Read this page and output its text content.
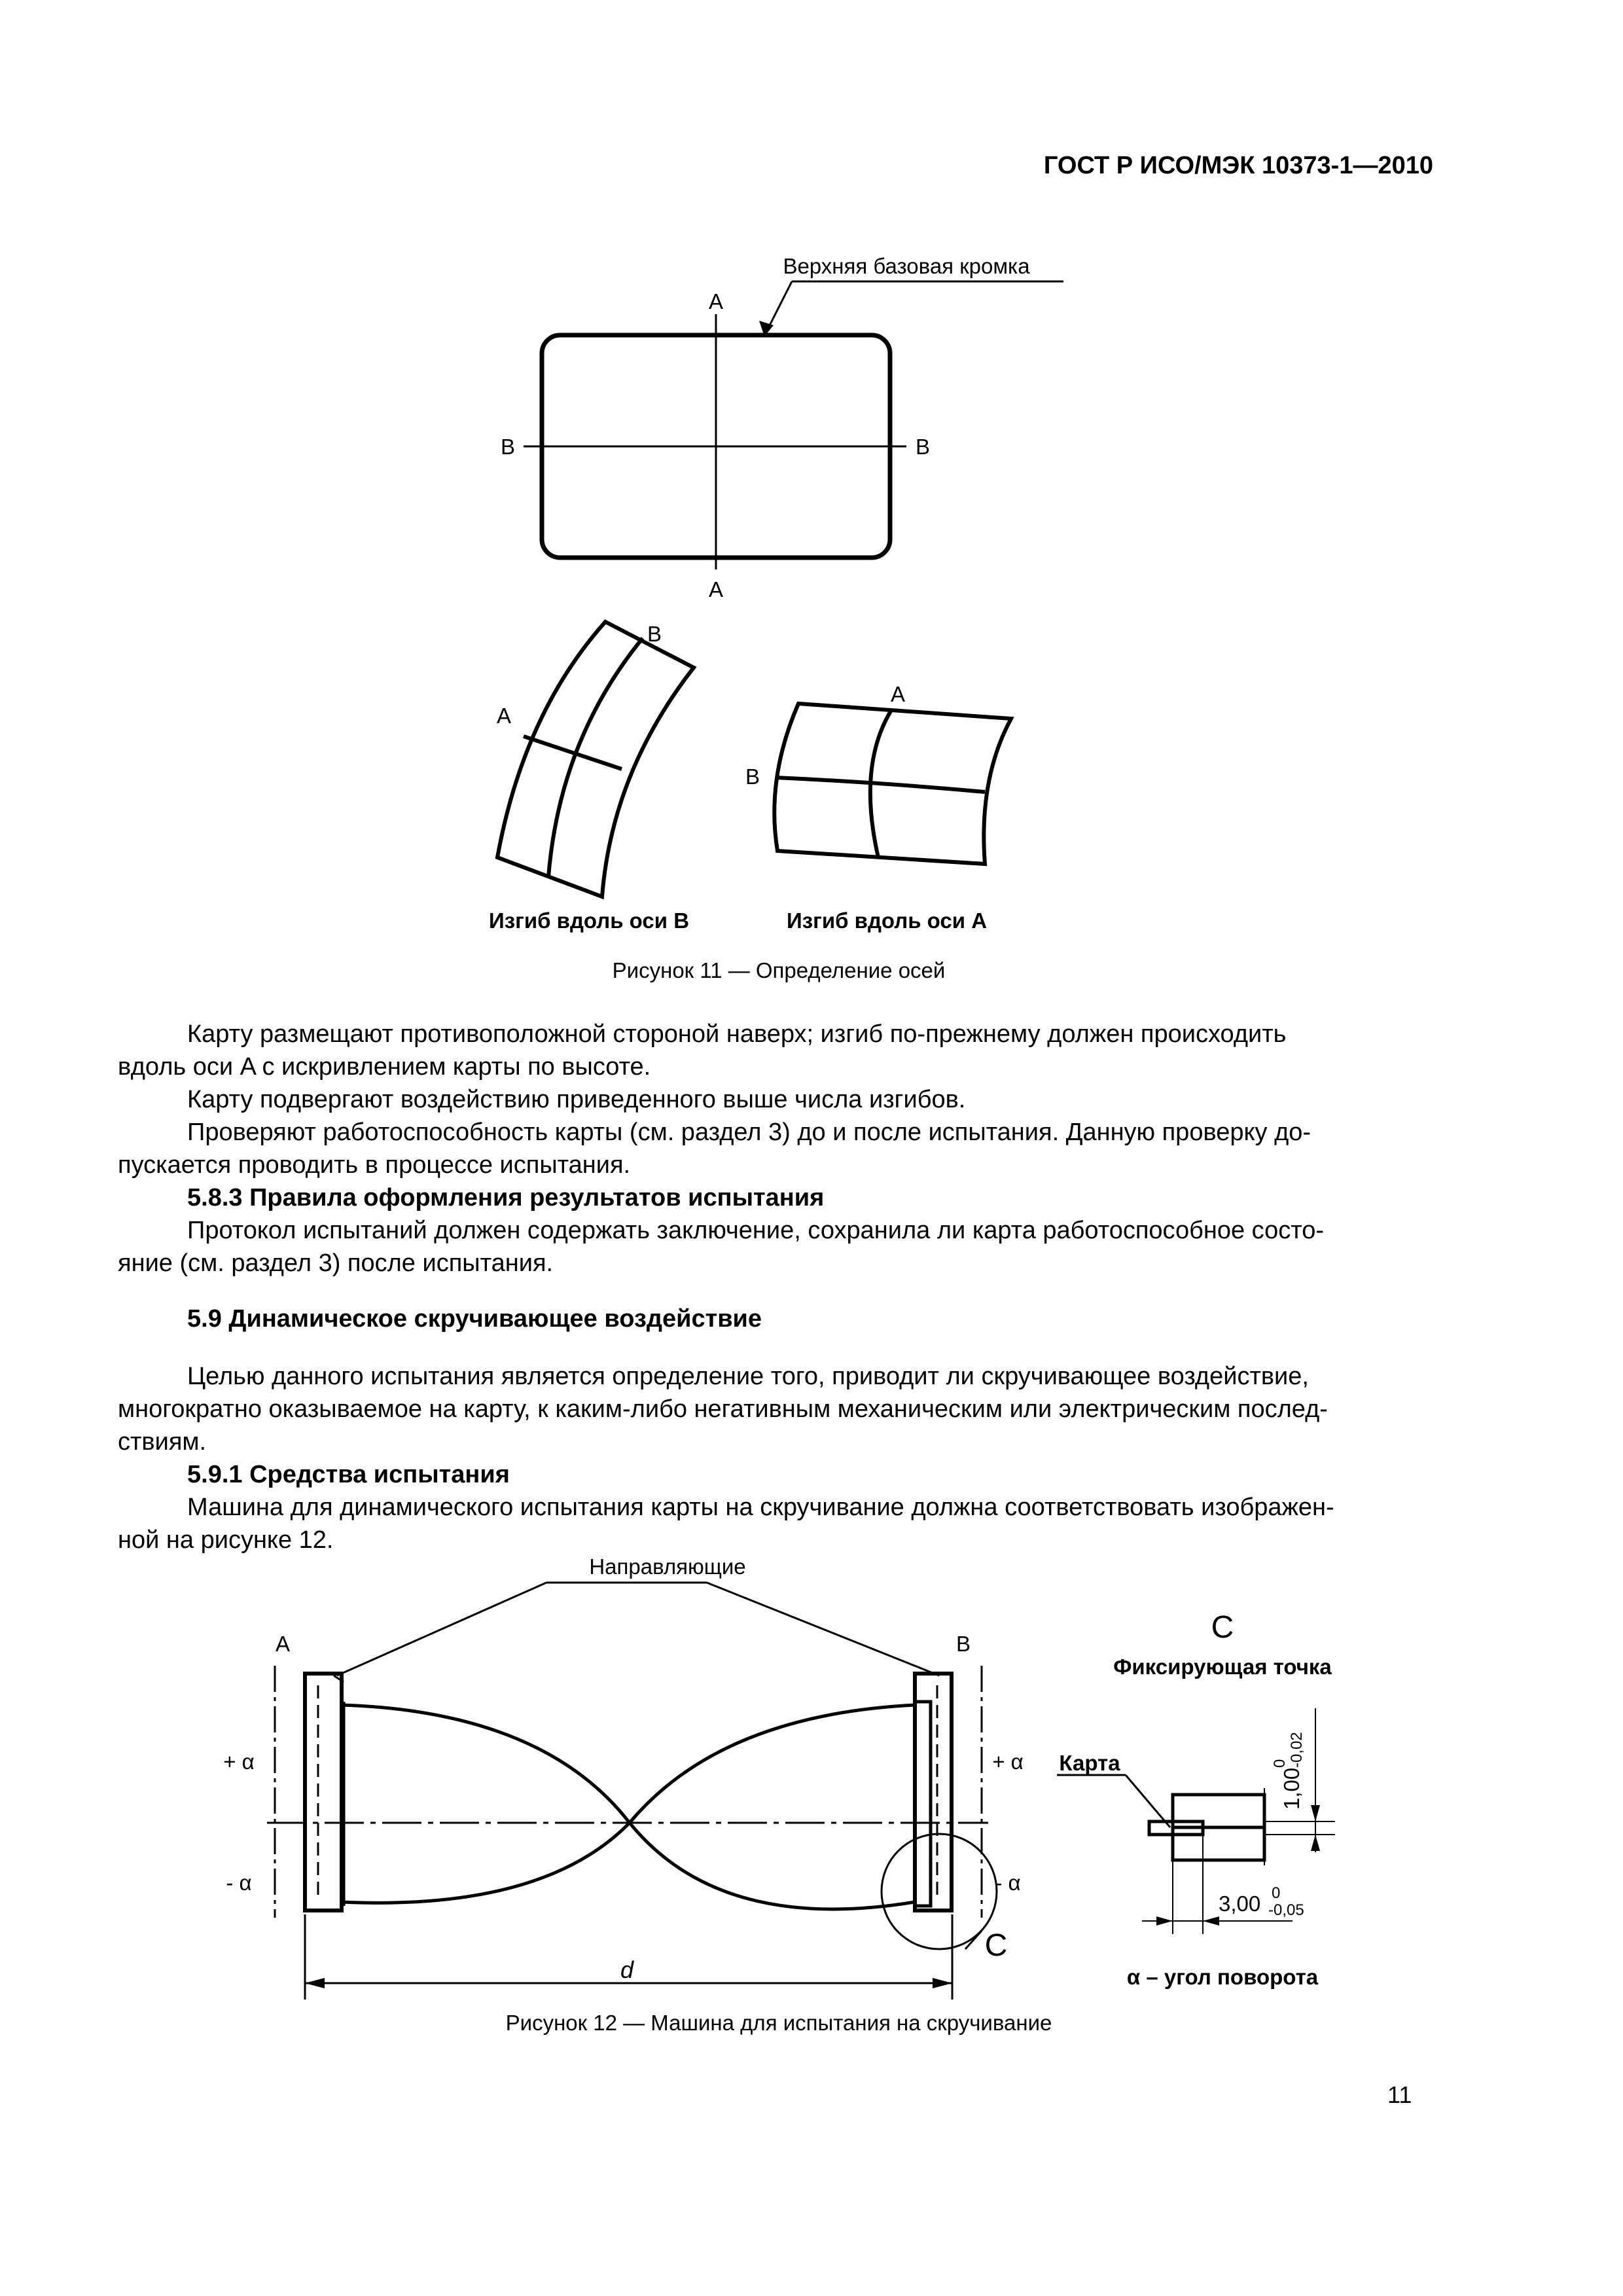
ГОСТ Р ИСО/МЭК 10373-1—2010
Верхняя базовая кромка
A
A
B	B
B
A
A
B
Изгиб вдоль оси B	Изгиб вдоль оси A
Рисунок 11 — Определение осей
Карту размещают противоположной стороной наверх; изгиб по-прежнему должен происходить
вдоль оси A с искривлением карты по высоте.
Карту подвергают воздействию приведенного выше числа изгибов.
Проверяют работоспособность карты (см. раздел 3) до и после испытания. Данную проверку до-
пускается проводить в процессе испытания.
5.8.3 Правила оформления результатов испытания
Протокол испытаний должен содержать заключение, сохранила ли карта работоспособное состо-
яние (см. раздел 3) после испытания.
5.9 Динамическое скручивающее воздействие
Целью данного испытания является определение того, приводит ли скручивающее воздействие,
многократно оказываемое на карту, к каким-либо негативным механическим или электрическим послед-
ствиям.
5.9.1 Средства испытания
Машина для динамического испытания карты на скручивание должна соответствовать изображен-
ной на рисунке 12.
Направляющие
A
+ α
- α
B
+ α
- α
C
d
C
Фиксирующая точка
Карта
1,00
0 -0,02
3,00 0
-0,05
α – угол поворота
Рисунок 12 — Машина для испытания на скручивание
11
